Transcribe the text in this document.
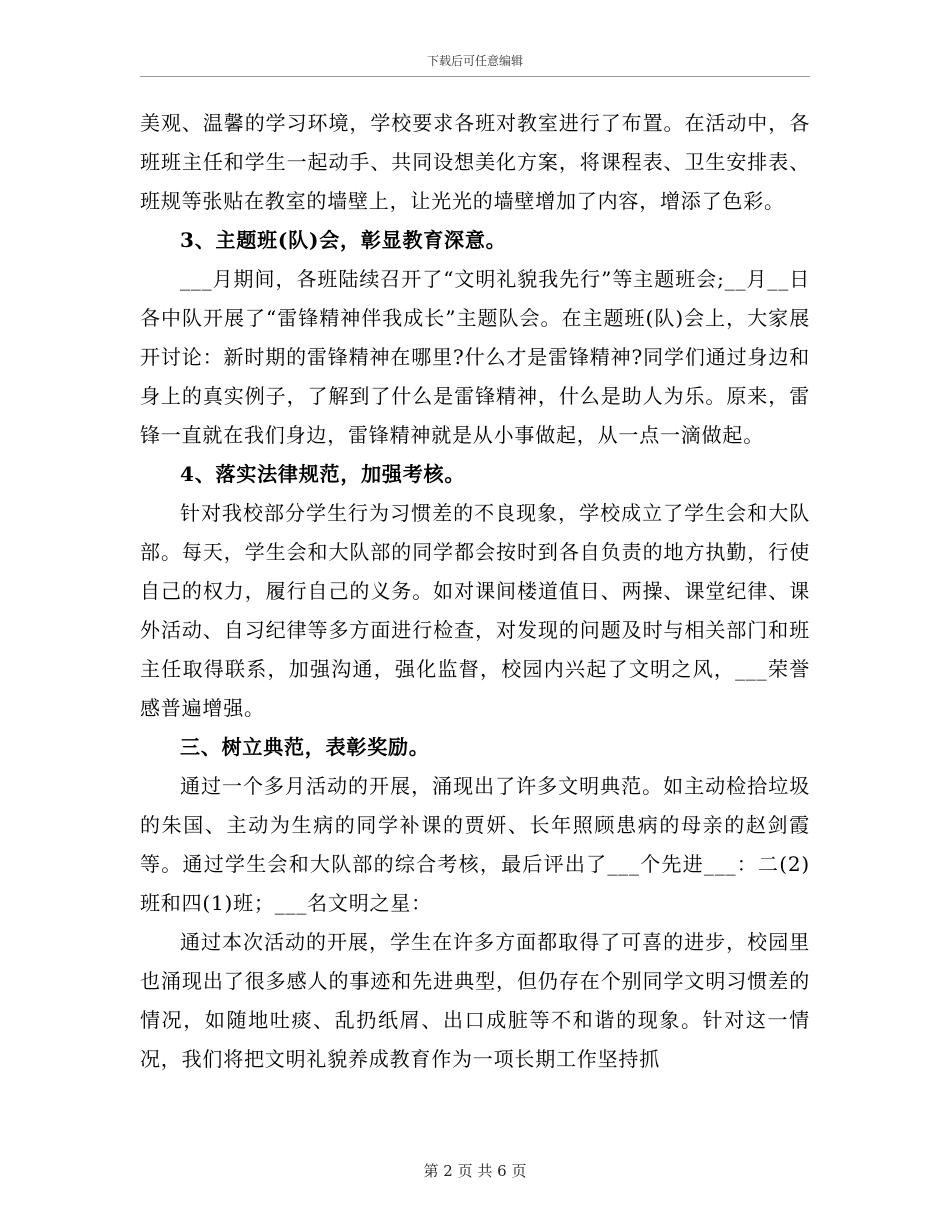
下载后可任意编辑

美观、温馨的学习环境，学校要求各班对教室进行了布置。在活动中，各班班主任和学生一起动手、共同设想美化方案，将课程表、卫生安排表、班规等张贴在教室的墙壁上，让光光的墙壁增加了内容，增添了色彩。

3、主题班(队)会，彰显教育深意。

___月期间，各班陆续召开了“文明礼貌我先行”等主题班会;__月__日各中队开展了“雷锋精神伴我成长”主题队会。在主题班(队)会上，大家展开讨论：新时期的雷锋精神在哪里?什么才是雷锋精神?同学们通过身边和身上的真实例子，了解到了什么是雷锋精神，什么是助人为乐。原来，雷锋一直就在我们身边，雷锋精神就是从小事做起，从一点一滴做起。

4、落实法律规范，加强考核。

针对我校部分学生行为习惯差的不良现象，学校成立了学生会和大队部。每天，学生会和大队部的同学都会按时到各自负责的地方执勤，行使自己的权力，履行自己的义务。如对课间楼道值日、两操、课堂纪律、课外活动、自习纪律等多方面进行检查，对发现的问题及时与相关部门和班主任取得联系，加强沟通，强化监督，校园内兴起了文明之风，___荣誉感普遍增强。

三、树立典范，表彰奖励。

通过一个多月活动的开展，涌现出了许多文明典范。如主动检拾垃圾的朱国、主动为生病的同学补课的贾妍、长年照顾患病的母亲的赵剑霞等。通过学生会和大队部的综合考核，最后评出了___个先进___：二(2)班和四(1)班；___名文明之星：

通过本次活动的开展，学生在许多方面都取得了可喜的进步，校园里也涌现出了很多感人的事迹和先进典型，但仍存在个别同学文明习惯差的情况，如随地吐痰、乱扔纸屑、出口成脏等不和谐的现象。针对这一情况，我们将把文明礼貌养成教育作为一项长期工作坚持抓

第 2 页 共 6 页
